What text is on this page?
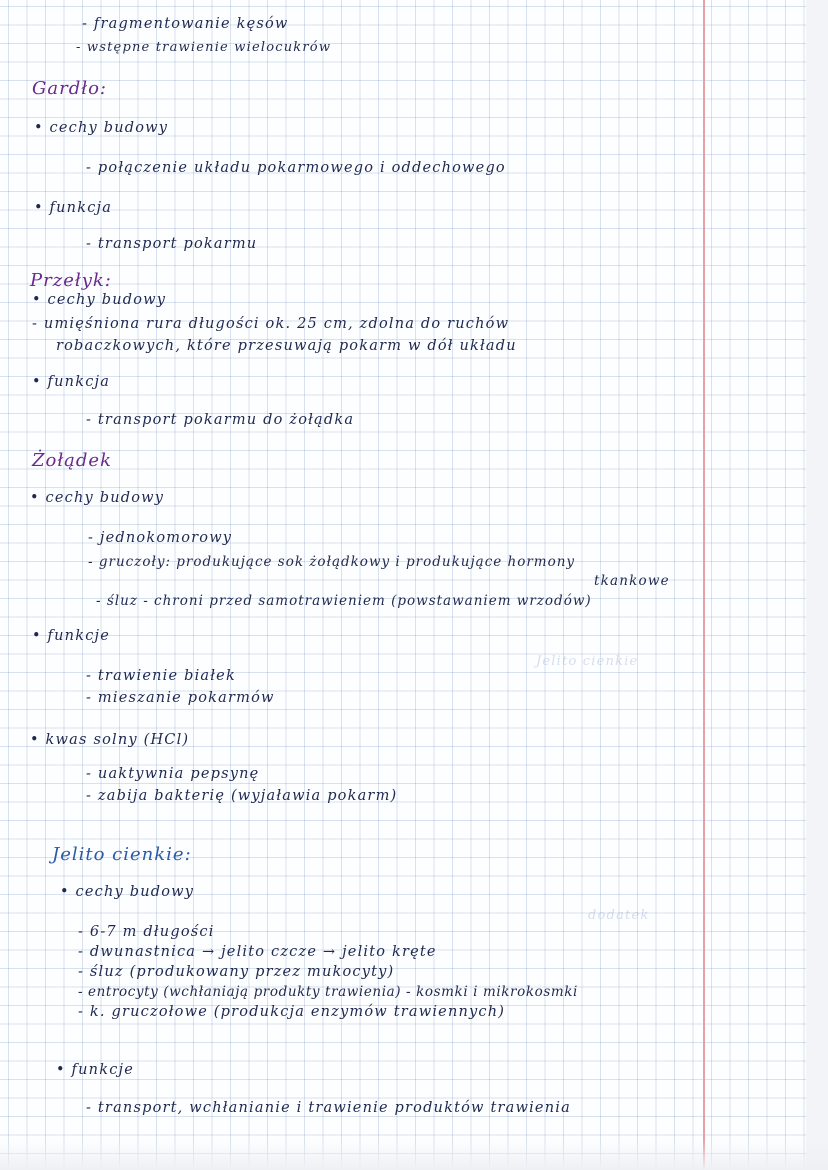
- fragmentowanie kęsów
- wstępne trawienie wielocukrów
Gardło:
• cechy budowy
- połączenie układu pokarmowego i oddechowego
• funkcja
- transport pokarmu
Przełyk:
• cechy budowy
- umięśniona rura długości ok. 25 cm, zdolna do ruchów
robaczkowych, które przesuwają pokarm w dół układu
• funkcja
- transport pokarmu do żołądka
Żołądek
• cechy budowy
- jednokomorowy
- gruczoły: produkujące sok żołądkowy i produkujące hormony
tkankowe
- śluz - chroni przed samotrawieniem (powstawaniem wrzodów)
• funkcje
- trawienie białek
- mieszanie pokarmów
• kwas solny (HCl)
- uaktywnia pepsynę
- zabija bakterię (wyjaławia pokarm)
Jelito cienkie:
• cechy budowy
- 6-7 m długości
- dwunastnica → jelito czcze → jelito kręte
- śluz (produkowany przez mukocyty)
- entrocyty (wchłaniają produkty trawienia) - kosmki i mikrokosmki
- k. gruczołowe (produkcja enzymów trawiennych)
• funkcje
- transport, wchłanianie i trawienie produktów trawienia
Jelito cienkie
dodatek
